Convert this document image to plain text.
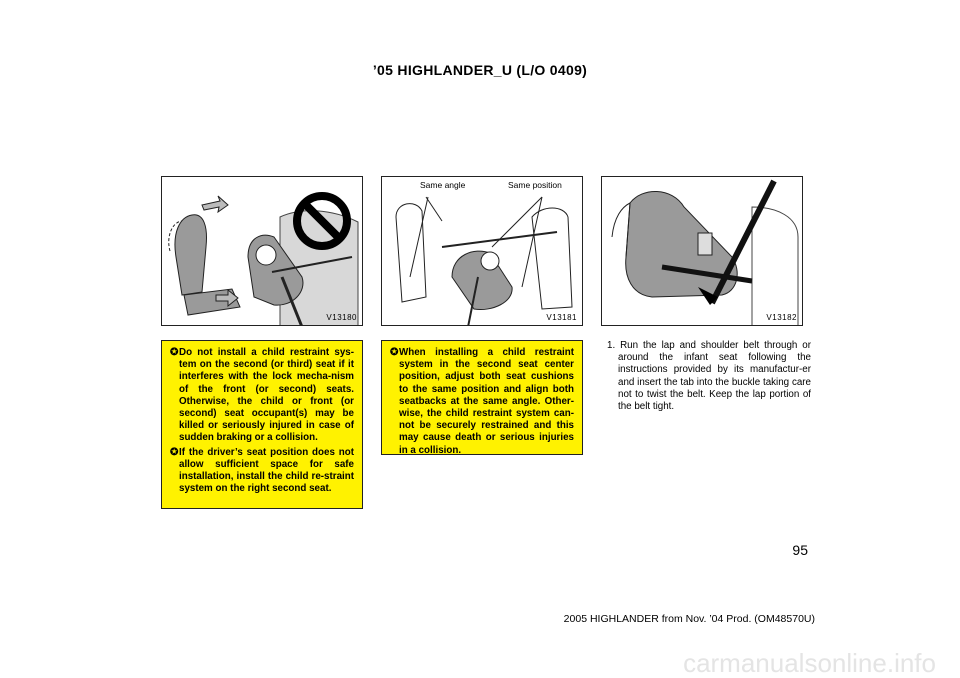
’05 HIGHLANDER_U (L/O 0409)
V13180
Same angle	Same position
V13181	V13182

✪Do not install a child restraint sys-tem on the second (or third) seat if it interferes with the lock mecha-nism of the front (or second) seats. Otherwise, the child or front (or second) seat occupant(s) may be killed or seriously injured in case of sudden braking or a collision.

✪If the driver’s seat position does not allow sufficient space for safe installation, install the child re-straint system on the right second seat.

✪When installing a child restraint system in the second seat center position, adjust both seat cushions to the same position and align both seatbacks at the same angle. Other-wise, the child restraint system can-not be securely restrained and this may cause death or serious injuries in a collision.

1. Run the lap and shoulder belt through or around the infant seat following the instructions provided by its manufactur-er and insert the tab into the buckle taking care not to twist the belt. Keep the lap portion of the belt tight.
95
2005 HIGHLANDER from Nov. ’04 Prod. (OM48570U)
carmanualsonline.info
